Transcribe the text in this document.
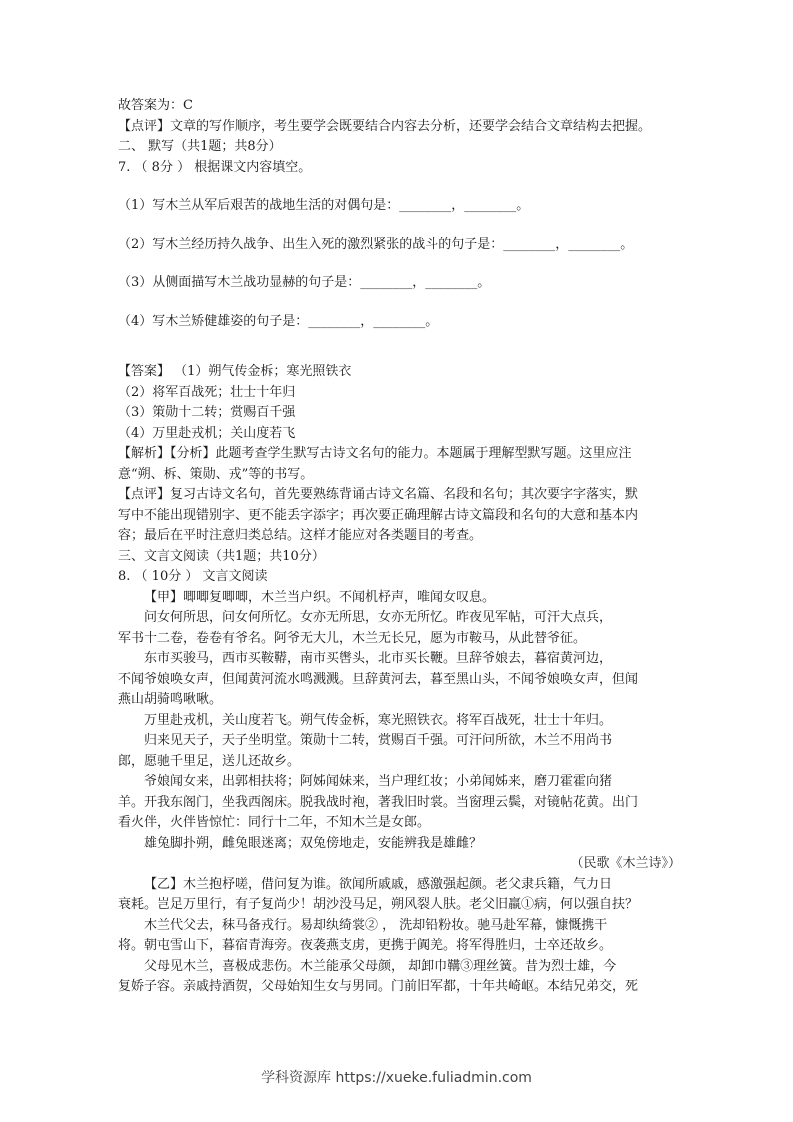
故答案为：C
【点评】文章的写作顺序，考生要学会既要结合内容去分析，还要学会结合文章结构去把握。
二、 默写（共1题；共8分）
7. （ 8分 ） 根据课文内容填空。
（1）写木兰从军后艰苦的战地生活的对偶句是：________，________。
（2）写木兰经历持久战争、出生入死的激烈紧张的战斗的句子是：________，________。
（3）从侧面描写木兰战功显赫的句子是：________，________。
（4）写木兰矫健雄姿的句子是：________，________。
【答案】 （1）朔气传金柝；寒光照铁衣
（2）将军百战死；壮士十年归
（3）策勋十二转；赏赐百千强
（4）万里赴戎机；关山度若飞
【解析】【分析】此题考查学生默写古诗文名句的能力。本题属于理解型默写题。这里应注
意“朔、柝、策勋、戎”等的书写。
【点评】复习古诗文名句，首先要熟练背诵古诗文名篇、名段和名句；其次要字字落实，默
写中不能出现错别字、更不能丢字添字；再次要正确理解古诗文篇段和名句的大意和基本内
容；最后在平时注意归类总结。这样才能应对各类题目的考查。
三、文言文阅读（共1题；共10分）
8. （ 10分 ） 文言文阅读
【甲】唧唧复唧唧，木兰当户织。不闻机杼声，唯闻女叹息。
问女何所思，问女何所忆。女亦无所思，女亦无所忆。昨夜见军帖，可汗大点兵，
军书十二卷，卷卷有爷名。阿爷无大儿，木兰无长兄，愿为市鞍马，从此替爷征。
东市买骏马，西市买鞍鞯，南市买辔头，北市买长鞭。旦辞爷娘去，暮宿黄河边，
不闻爷娘唤女声，但闻黄河流水鸣溅溅。旦辞黄河去，暮至黑山头，不闻爷娘唤女声，但闻
燕山胡骑鸣啾啾。
万里赴戎机，关山度若飞。朔气传金柝，寒光照铁衣。将军百战死，壮士十年归。
归来见天子，天子坐明堂。策勋十二转，赏赐百千强。可汗问所欲，木兰不用尚书
郎，愿驰千里足，送儿还故乡。
爷娘闻女来，出郭相扶将；阿姊闻妹来，当户理红妆；小弟闻姊来，磨刀霍霍向猪
羊。开我东阁门，坐我西阁床。脱我战时袍，著我旧时裳。当窗理云鬓，对镜帖花黄。出门
看火伴，火伴皆惊忙：同行十二年，不知木兰是女郎。
雄兔脚扑朔，雌兔眼迷离；双兔傍地走，安能辨我是雄雌？
（民歌《木兰诗》）
【乙】木兰抱杼嗟，借问复为谁。欲闻所戚戚，感激强起颜。老父隶兵籍，气力日
衰耗。岂足万里行，有子复尚少！胡沙没马足，朔风裂人肤。老父旧羸①病，何以强自扶？
木兰代父去，秣马备戎行。易却纨绮裳② ， 洗却铅粉妆。驰马赴军幕，慷慨携干
将。朝屯雪山下，暮宿青海旁。夜袭燕支虏，更携于阗羌。将军得胜归，士卒还故乡。
父母见木兰，喜极成悲伤。木兰能承父母颜， 却卸巾鞲③理丝簧。昔为烈士雄，今
复娇子容。亲戚持酒贺，父母始知生女与男同。门前旧军都，十年共崎岖。本结兄弟交，死
学科资源库 https://xueke.fuliadmin.com
